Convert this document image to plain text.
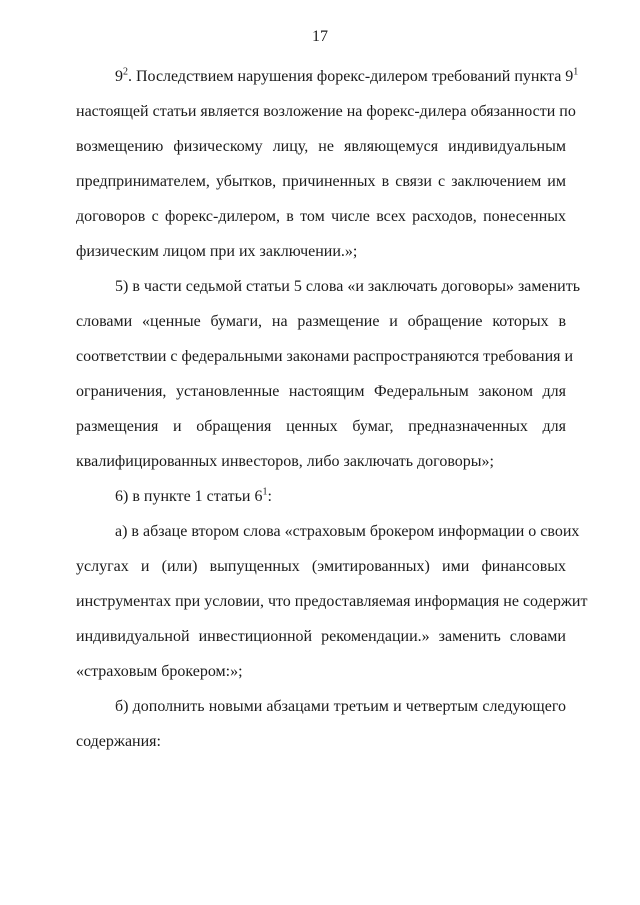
17
$9^2$. Последствием нарушения форекс-дилером требований пункта $9^1$
настоящей статьи является возложение на форекс-дилера обязанности по
возмещению физическому лицу, не являющемуся индивидуальным
предпринимателем, убытков, причиненных в связи с заключением им
договоров с форекс-дилером, в том числе всех расходов, понесенных
физическим лицом при их заключении.»;
5) в части седьмой статьи 5 слова «и заключать договоры» заменить
словами «ценные бумаги, на размещение и обращение которых в
соответствии с федеральными законами распространяются требования и
ограничения, установленные настоящим Федеральным законом для
размещения и обращения ценных бумаг, предназначенных для
квалифицированных инвесторов, либо заключать договоры»;
6) в пункте 1 статьи $6^1$:
а) в абзаце втором слова «страховым брокером информации о своих
услугах и (или) выпущенных (эмитированных) ими финансовых
инструментах при условии, что предоставляемая информация не содержит
индивидуальной инвестиционной рекомендации.» заменить словами
«страховым брокером:»;
б) дополнить новыми абзацами третьим и четвертым следующего
содержания:
